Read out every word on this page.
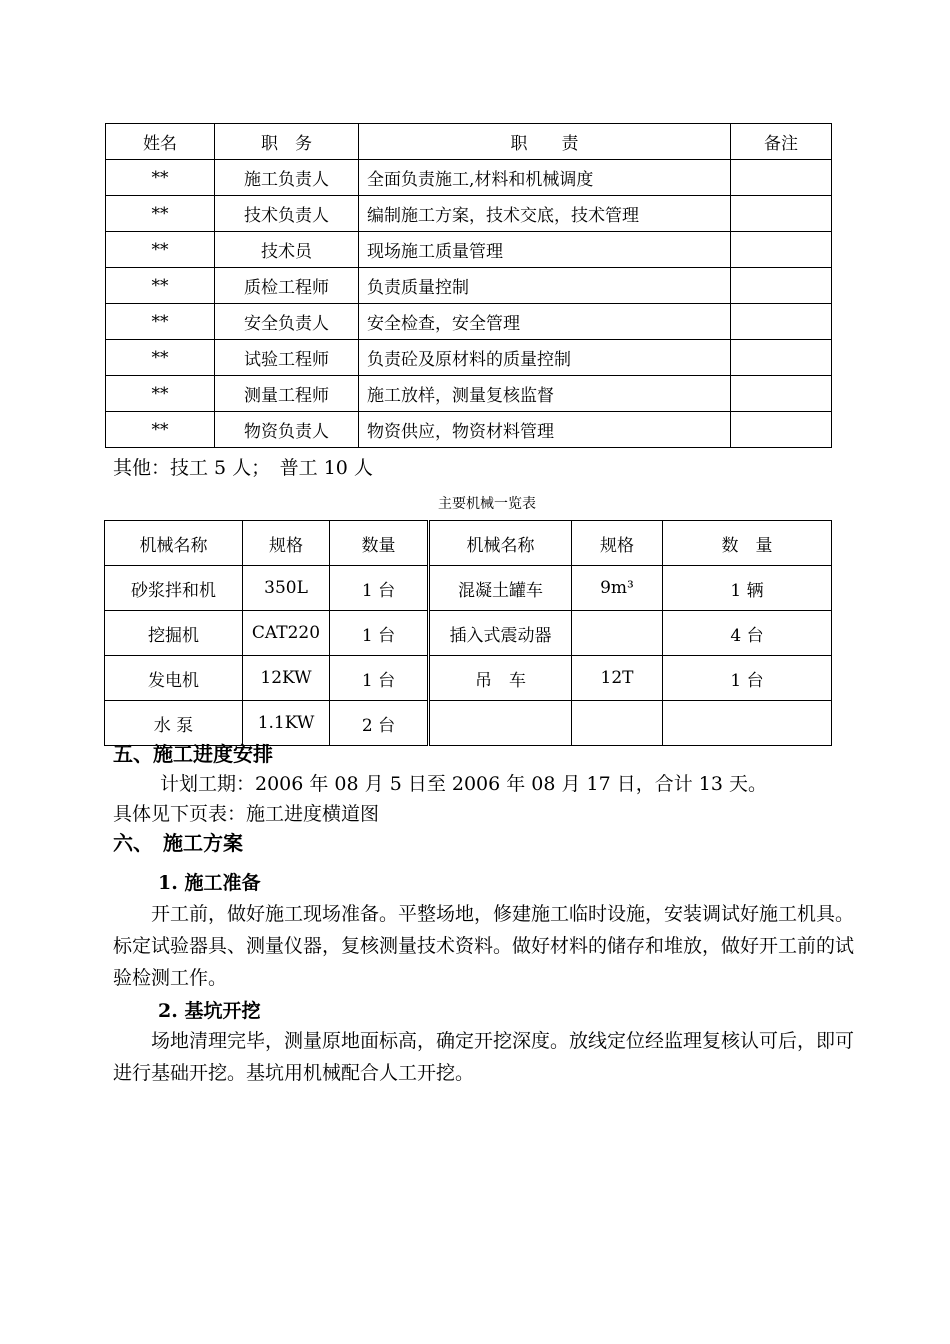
姓名	职　务	职　　责	备注
**	施工负责人	全面负责施工,材料和机械调度	
**	技术负责人	编制施工方案，技术交底，技术管理	
**	技术员	现场施工质量管理	
**	质检工程师	负责质量控制	
**	安全负责人	安全检查，安全管理	
**	试验工程师	负责砼及原材料的质量控制	
**	测量工程师	施工放样，测量复核监督	
**	物资负责人	物资供应，物资材料管理	
其他：技工 5 人；　普工 10 人
主要机械一览表
机械名称	规格	数量	机械名称	规格	数　量
砂浆拌和机	350L	1 台	混凝土罐车	9m³	1 辆
挖掘机	CAT220	1 台	插入式震动器		4 台
发电机	12KW	1 台	吊　车	12T	1 台
水 泵	1.1KW	2 台			
五、施工进度安排
计划工期：2006 年 08 月 5 日至 2006 年 08 月 17 日，合计 13 天。
具体见下页表：施工进度横道图
六、　施工方案
1. 施工准备
开工前，做好施工现场准备。平整场地，修建施工临时设施，安装调试好施工机具。标定试验器具、测量仪器，复核测量技术资料。做好材料的储存和堆放，做好开工前的试验检测工作。
2. 基坑开挖
场地清理完毕，测量原地面标高，确定开挖深度。放线定位经监理复核认可后，即可进行基础开挖。基坑用机械配合人工开挖。
